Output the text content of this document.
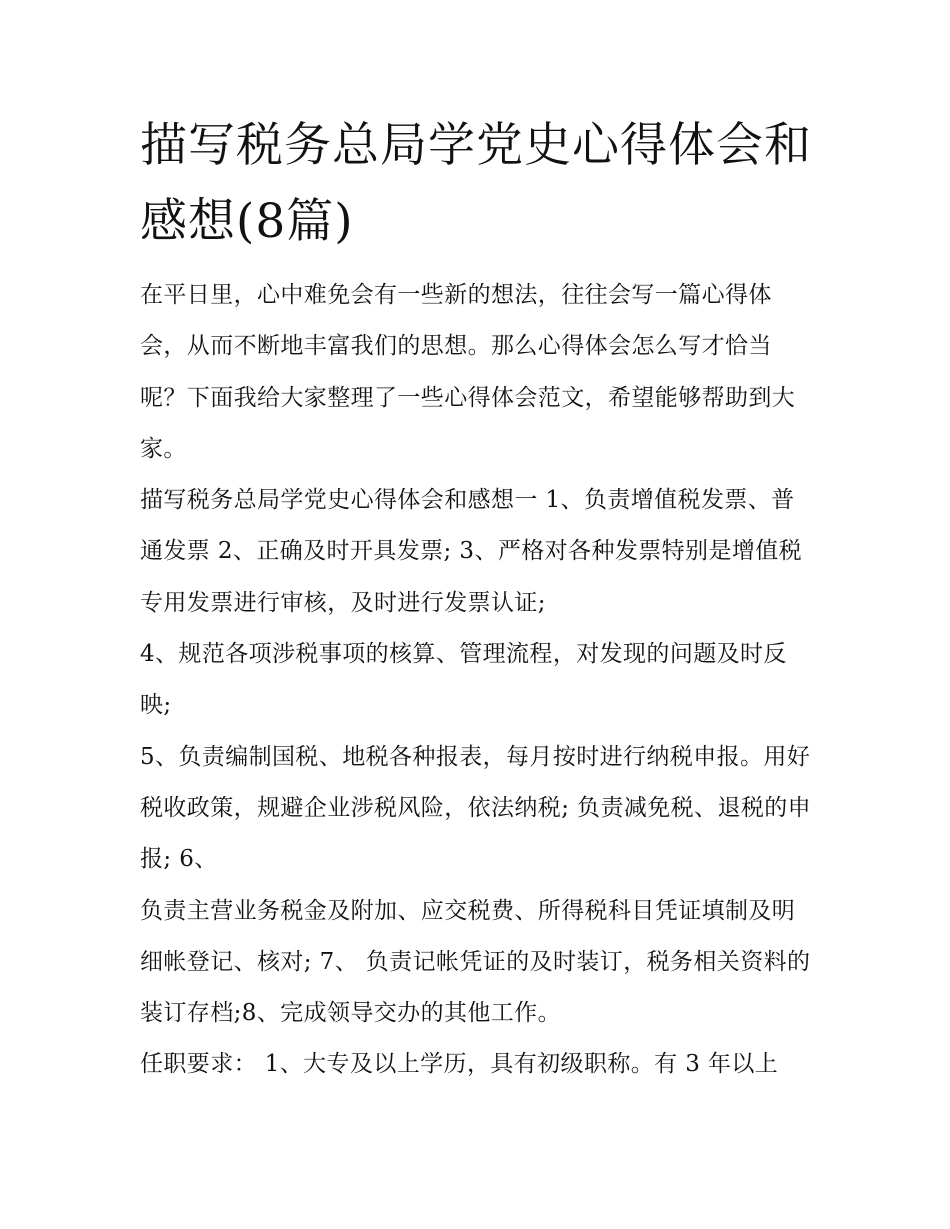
描写税务总局学党史心得体会和感想(8篇)

在平日里，心中难免会有一些新的想法，往往会写一篇心得体会，从而不断地丰富我们的思想。那么心得体会怎么写才恰当呢？下面我给大家整理了一些心得体会范文，希望能够帮助到大家。

描写税务总局学党史心得体会和感想一 1、负责增值税发票、普通发票 2、正确及时开具发票; 3、严格对各种发票特别是增值税专用发票进行审核，及时进行发票认证;

4、规范各项涉税事项的核算、管理流程，对发现的问题及时反映;

5、负责编制国税、地税各种报表，每月按时进行纳税申报。用好税收政策，规避企业涉税风险，依法纳税; 负责减免税、退税的申报; 6、

负责主营业务税金及附加、应交税费、所得税科目凭证填制及明细帐登记、核对; 7、 负责记帐凭证的及时装订，税务相关资料的装订存档;8、完成领导交办的其他工作。

任职要求： 1、大专及以上学历，具有初级职称。有 3 年以上
